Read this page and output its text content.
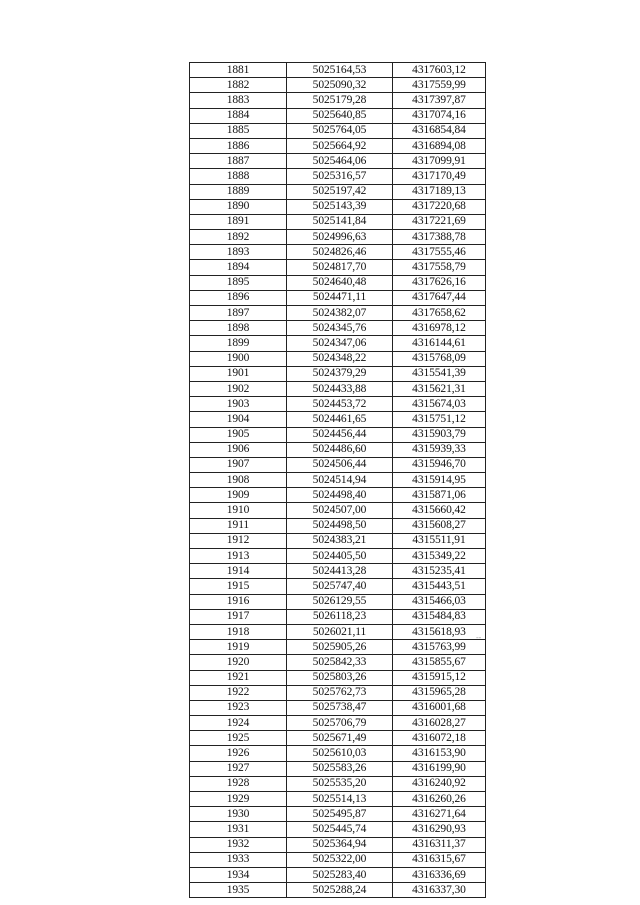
1881	5025164,53	4317603,12
1882	5025090,32	4317559,99
1883	5025179,28	4317397,87
1884	5025640,85	4317074,16
1885	5025764,05	4316854,84
1886	5025664,92	4316894,08
1887	5025464,06	4317099,91
1888	5025316,57	4317170,49
1889	5025197,42	4317189,13
1890	5025143,39	4317220,68
1891	5025141,84	4317221,69
1892	5024996,63	4317388,78
1893	5024826,46	4317555,46
1894	5024817,70	4317558,79
1895	5024640,48	4317626,16
1896	5024471,11	4317647,44
1897	5024382,07	4317658,62
1898	5024345,76	4316978,12
1899	5024347,06	4316144,61
1900	5024348,22	4315768,09
1901	5024379,29	4315541,39
1902	5024433,88	4315621,31
1903	5024453,72	4315674,03
1904	5024461,65	4315751,12
1905	5024456,44	4315903,79
1906	5024486,60	4315939,33
1907	5024506,44	4315946,70
1908	5024514,94	4315914,95
1909	5024498,40	4315871,06
1910	5024507,00	4315660,42
1911	5024498,50	4315608,27
1912	5024383,21	4315511,91
1913	5024405,50	4315349,22
1914	5024413,28	4315235,41
1915	5025747,40	4315443,51
1916	5026129,55	4315466,03
1917	5026118,23	4315484,83
1918	5026021,11	4315618,93
1919	5025905,26	4315763,99
1920	5025842,33	4315855,67
1921	5025803,26	4315915,12
1922	5025762,73	4315965,28
1923	5025738,47	4316001,68
1924	5025706,79	4316028,27
1925	5025671,49	4316072,18
1926	5025610,03	4316153,90
1927	5025583,26	4316199,90
1928	5025535,20	4316240,92
1929	5025514,13	4316260,26
1930	5025495,87	4316271,64
1931	5025445,74	4316290,93
1932	5025364,94	4316311,37
1933	5025322,00	4316315,67
1934	5025283,40	4316336,69
1935	5025288,24	4316337,30
--
